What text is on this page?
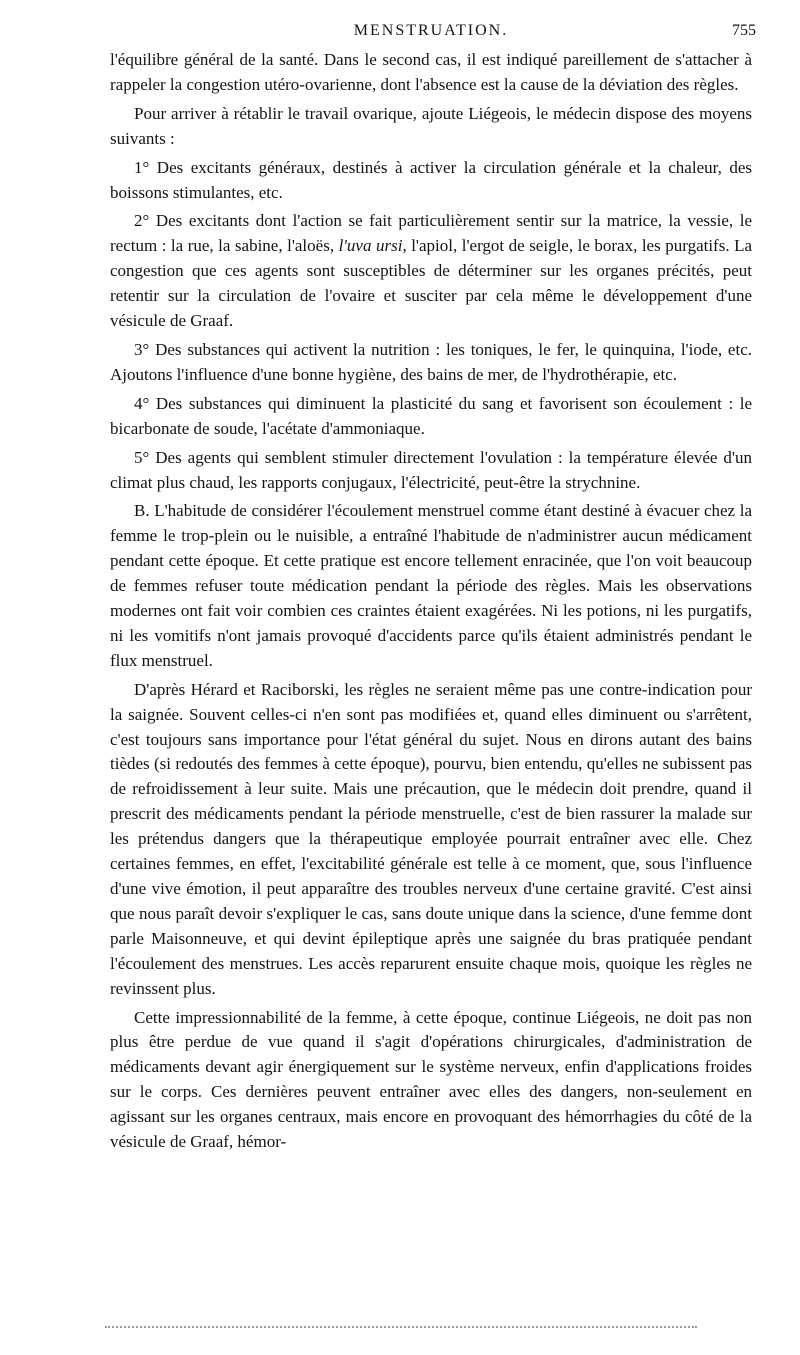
MENSTRUATION.	755

l'équilibre général de la santé. Dans le second cas, il est indiqué pareillement de s'attacher à rappeler la congestion utéro-ovarienne, dont l'absence est la cause de la déviation des règles.

Pour arriver à rétablir le travail ovarique, ajoute Liégeois, le médecin dispose des moyens suivants :

1° Des excitants généraux, destinés à activer la circulation générale et la chaleur, des boissons stimulantes, etc.

2° Des excitants dont l'action se fait particulièrement sentir sur la matrice, la vessie, le rectum : la rue, la sabine, l'aloës, l'uva ursi, l'apiol, l'ergot de seigle, le borax, les purgatifs. La congestion que ces agents sont susceptibles de déterminer sur les organes précités, peut retentir sur la circulation de l'ovaire et susciter par cela même le développement d'une vésicule de Graaf.

3° Des substances qui activent la nutrition : les toniques, le fer, le quinquina, l'iode, etc. Ajoutons l'influence d'une bonne hygiène, des bains de mer, de l'hydrothérapie, etc.

4° Des substances qui diminuent la plasticité du sang et favorisent son écoulement : le bicarbonate de soude, l'acétate d'ammoniaque.

5° Des agents qui semblent stimuler directement l'ovulation : la température élevée d'un climat plus chaud, les rapports conjugaux, l'électricité, peut-être la strychnine.

B. L'habitude de considérer l'écoulement menstruel comme étant destiné à évacuer chez la femme le trop-plein ou le nuisible, a entraîné l'habitude de n'administrer aucun médicament pendant cette époque. Et cette pratique est encore tellement enracinée, que l'on voit beaucoup de femmes refuser toute médication pendant la période des règles. Mais les observations modernes ont fait voir combien ces craintes étaient exagérées. Ni les potions, ni les purgatifs, ni les vomitifs n'ont jamais provoqué d'accidents parce qu'ils étaient administrés pendant le flux menstruel.

D'après Hérard et Raciborski, les règles ne seraient même pas une contre-indication pour la saignée. Souvent celles-ci n'en sont pas modifiées et, quand elles diminuent ou s'arrêtent, c'est toujours sans importance pour l'état général du sujet. Nous en dirons autant des bains tièdes (si redoutés des femmes à cette époque), pourvu, bien entendu, qu'elles ne subissent pas de refroidissement à leur suite. Mais une précaution, que le médecin doit prendre, quand il prescrit des médicaments pendant la période menstruelle, c'est de bien rassurer la malade sur les prétendus dangers que la thérapeutique employée pourrait entraîner avec elle. Chez certaines femmes, en effet, l'excitabilité générale est telle à ce moment, que, sous l'influence d'une vive émotion, il peut apparaître des troubles nerveux d'une certaine gravité. C'est ainsi que nous paraît devoir s'expliquer le cas, sans doute unique dans la science, d'une femme dont parle Maisonneuve, et qui devint épileptique après une saignée du bras pratiquée pendant l'écoulement des menstrues. Les accès reparurent ensuite chaque mois, quoique les règles ne revinssent plus.

Cette impressionnabilité de la femme, à cette époque, continue Liégeois, ne doit pas non plus être perdue de vue quand il s'agit d'opérations chirurgicales, d'administration de médicaments devant agir énergiquement sur le système nerveux, enfin d'applications froides sur le corps. Ces dernières peuvent entraîner avec elles des dangers, non-seulement en agissant sur les organes centraux, mais encore en provoquant des hémorrhagies du côté de la vésicule de Graaf, hémor-
